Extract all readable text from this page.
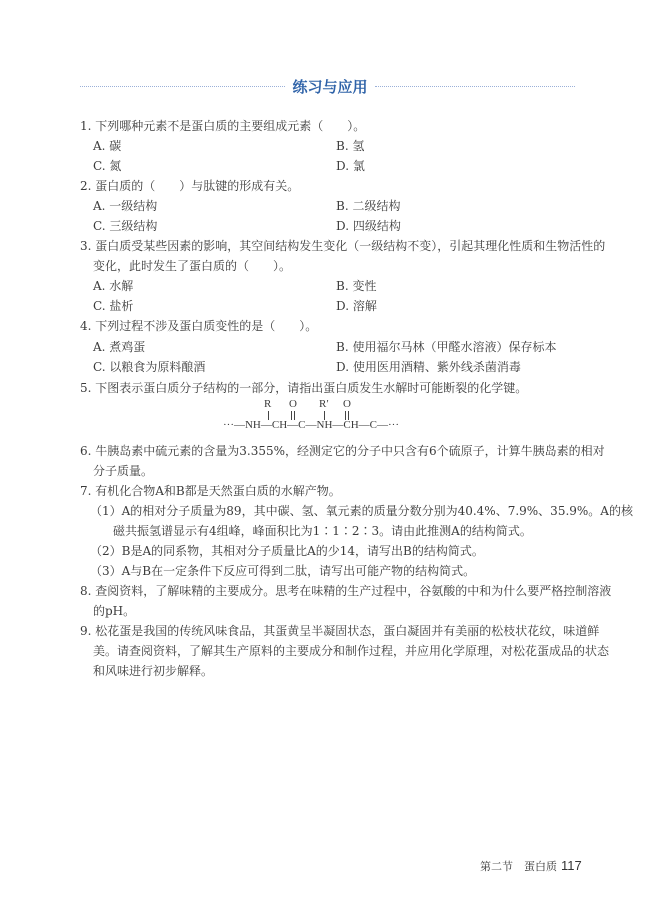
练习与应用
1. 下列哪种元素不是蛋白质的主要组成元素（　　）。
A. 碳	B. 氢
C. 氮	D. 氯
2. 蛋白质的（　　）与肽键的形成有关。
A. 一级结构	B. 二级结构
C. 三级结构	D. 四级结构
3. 蛋白质受某些因素的影响，其空间结构发生变化（一级结构不变），引起其理化性质和生物活性的
变化，此时发生了蛋白质的（　　）。
A. 水解	B. 变性
C. 盐析	D. 溶解
4. 下列过程不涉及蛋白质变性的是（　　）。
A. 煮鸡蛋	B. 使用福尔马林（甲醛水溶液）保存标本
C. 以粮食为原料酿酒	D. 使用医用酒精、紫外线杀菌消毒
5. 下图表示蛋白质分子结构的一部分，请指出蛋白质发生水解时可能断裂的化学键。
R O R′ O
···—NH—CH—C—NH—CH—C—···
6. 牛胰岛素中硫元素的含量为3.355%，经测定它的分子中只含有6个硫原子，计算牛胰岛素的相对
分子质量。
7. 有机化合物A和B都是天然蛋白质的水解产物。
（1）A的相对分子质量为89，其中碳、氢、氧元素的质量分数分别为40.4%、7.9%、35.9%。A的核
磁共振氢谱显示有4组峰，峰面积比为1∶1∶2∶3。请由此推测A的结构简式。
（2）B是A的同系物，其相对分子质量比A的少14，请写出B的结构简式。
（3）A与B在一定条件下反应可得到二肽，请写出可能产物的结构简式。
8. 查阅资料，了解味精的主要成分。思考在味精的生产过程中，谷氨酸的中和为什么要严格控制溶液
的pH。
9. 松花蛋是我国的传统风味食品，其蛋黄呈半凝固状态，蛋白凝固并有美丽的松枝状花纹，味道鲜
美。请查阅资料，了解其生产原料的主要成分和制作过程，并应用化学原理，对松花蛋成品的状态
和风味进行初步解释。
第二节　蛋白质 117
